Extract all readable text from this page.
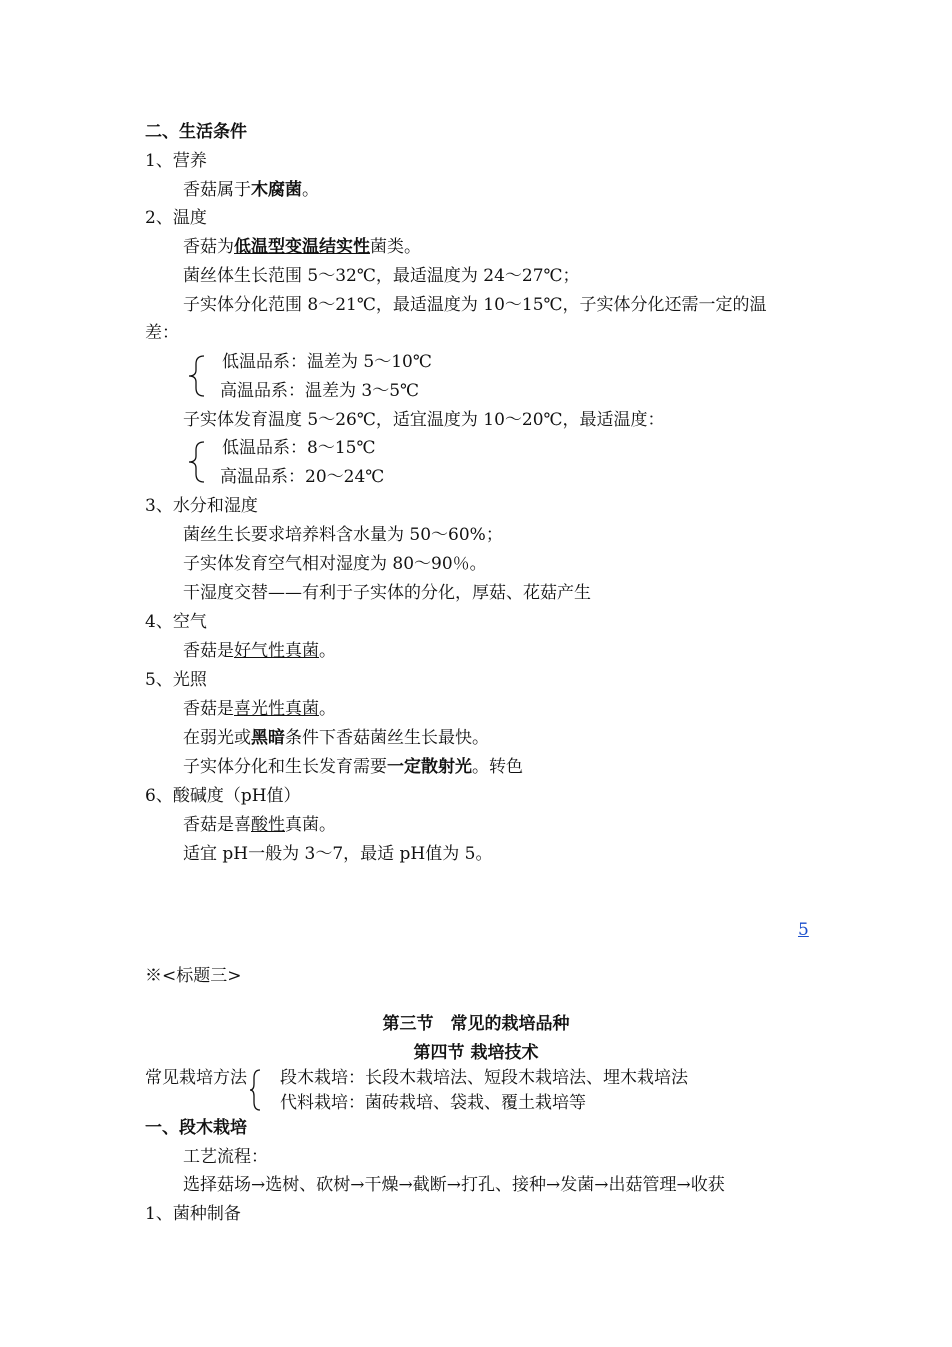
二、生活条件
1、营养
香菇属于木腐菌。
2、温度
香菇为低温型变温结实性菌类。
菌丝体生长范围 5～32℃，最适温度为 24～27℃；
子实体分化范围 8～21℃，最适温度为 10～15℃，子实体分化还需一定的温
差：
低温品系：温差为 5～10℃
高温品系：温差为 3～5℃
子实体发育温度 5～26℃，适宜温度为 10～20℃，最适温度：
低温品系：8～15℃
高温品系：20～24℃
3、水分和湿度
菌丝生长要求培养料含水量为 50～60%；
子实体发育空气相对湿度为 80～90％。
干湿度交替——有利于子实体的分化，厚菇、花菇产生
4、空气
香菇是好气性真菌。
5、光照
香菇是喜光性真菌。
在弱光或黑暗条件下香菇菌丝生长最快。
子实体分化和生长发育需要一定散射光。转色
6、酸碱度（pH值）
香菇是喜酸性真菌。
适宜 pH一般为 3～7，最适 pH值为 5。
5
※<标题三>
第三节　常见的栽培品种
第四节 栽培技术
常见栽培方法 段木栽培：长段木栽培法、短段木栽培法、埋木栽培法
代料栽培：菌砖栽培、袋栽、覆土栽培等
一、段木栽培
工艺流程：
选择菇场→选树、砍树→干燥→截断→打孔、接种→发菌→出菇管理→收获
1、菌种制备
